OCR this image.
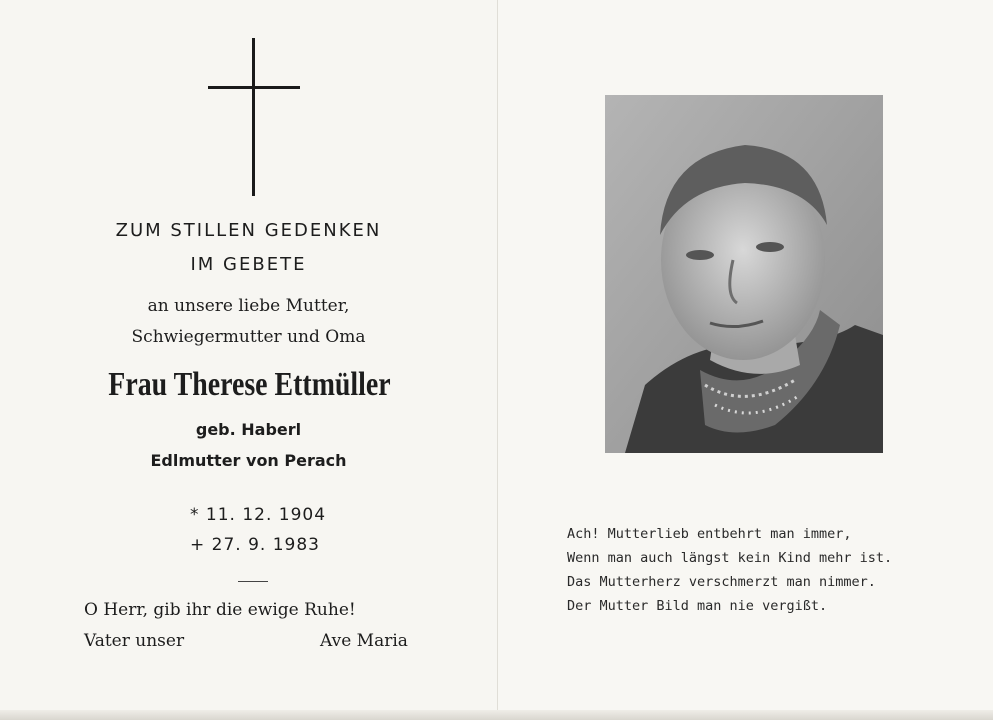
ZUM STILLEN GEDENKEN
IM GEBETE
an unsere liebe Mutter,
Schwiegermutter und Oma
Frau Therese Ettmüller
geb. Haberl
Edlmutter von Perach
* 11. 12. 1904
+ 27. 9. 1983
O Herr, gib ihr die ewige Ruhe!
Vater unser	Ave Maria
Ach! Mutterlieb entbehrt man immer,
Wenn man auch längst kein Kind mehr ist.
Das Mutterherz verschmerzt man nimmer.
Der Mutter Bild man nie vergißt.
